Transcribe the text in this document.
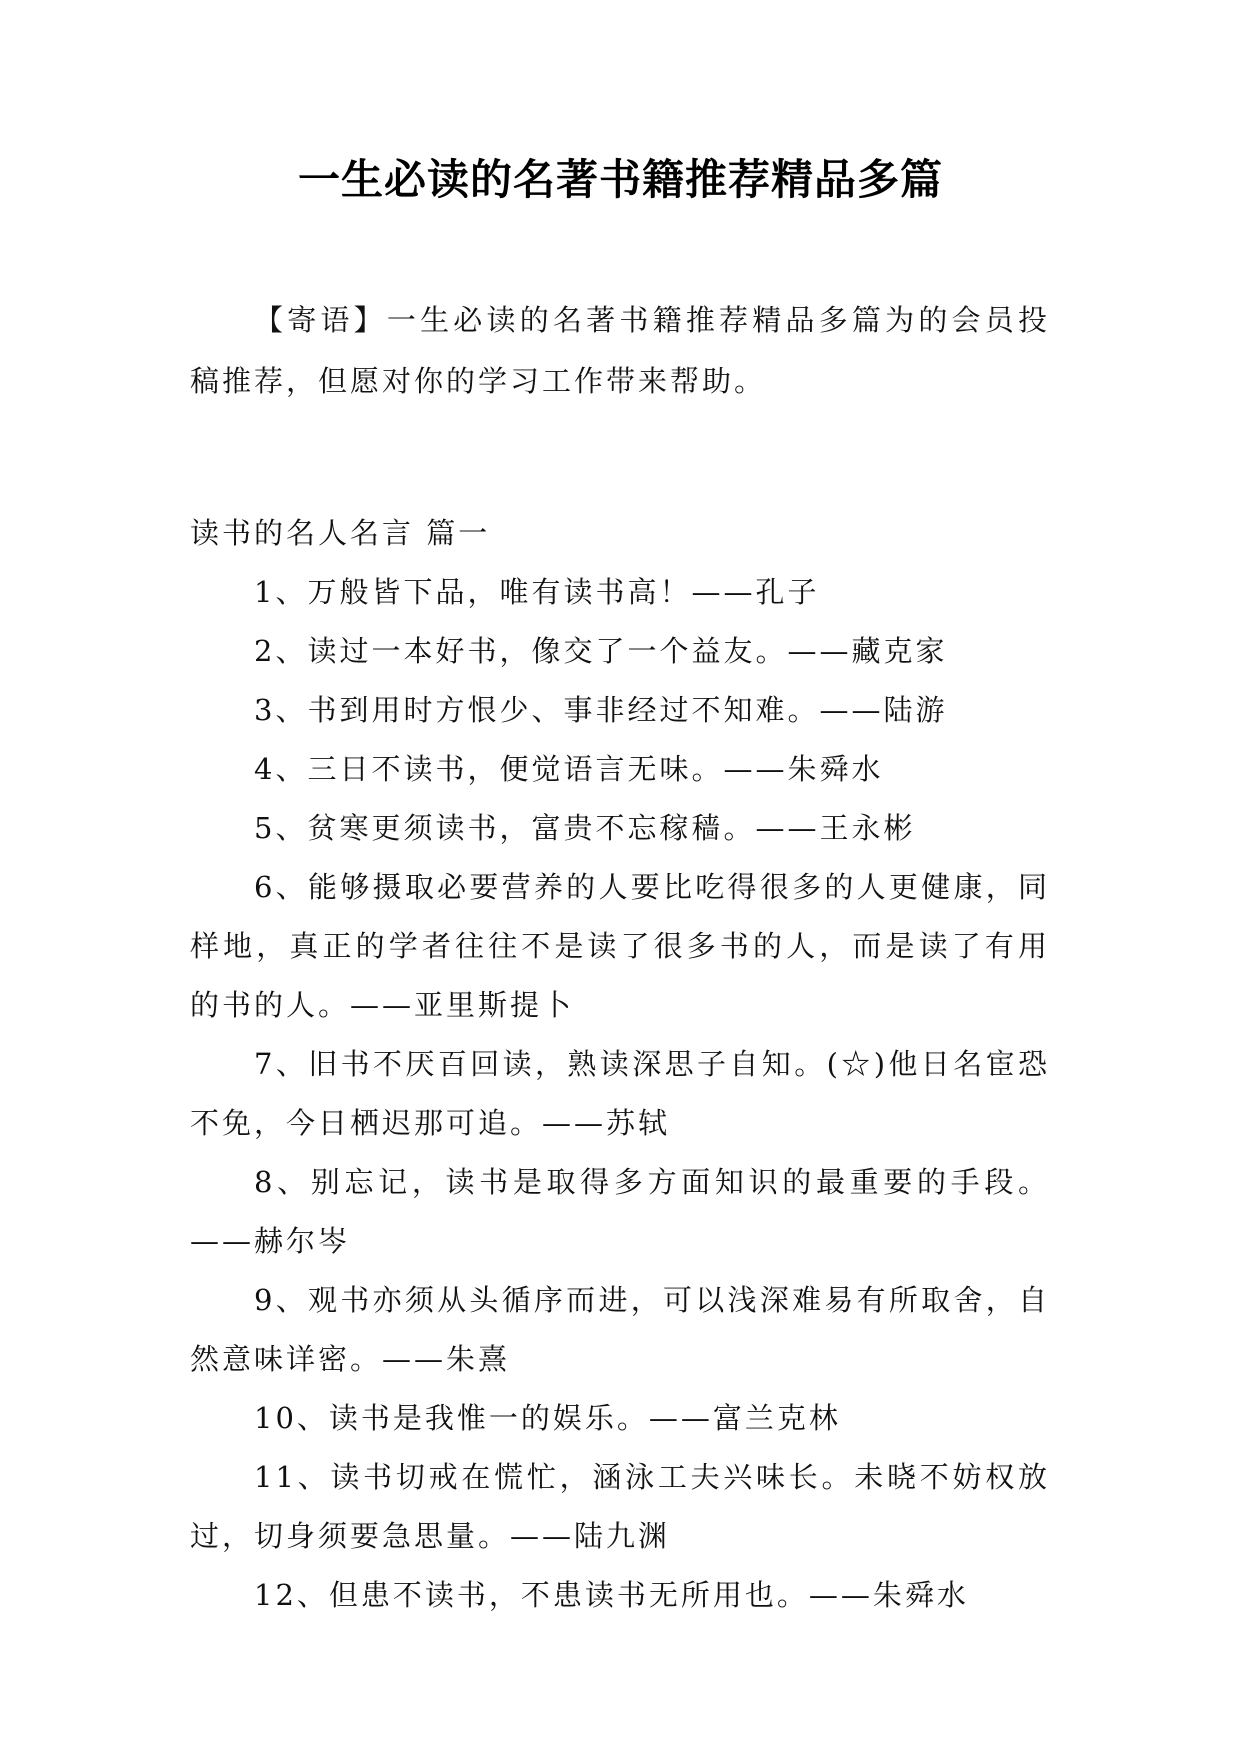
一生必读的名著书籍推荐精品多篇

【寄语】一生必读的名著书籍推荐精品多篇为的会员投稿推荐，但愿对你的学习工作带来帮助。

读书的名人名言 篇一

1、万般皆下品，唯有读书高！——孔子

2、读过一本好书，像交了一个益友。——藏克家

3、书到用时方恨少、事非经过不知难。——陆游

4、三日不读书，便觉语言无味。——朱舜水

5、贫寒更须读书，富贵不忘稼穑。——王永彬

6、能够摄取必要营养的人要比吃得很多的人更健康，同样地，真正的学者往往不是读了很多书的人，而是读了有用的书的人。——亚里斯提卜

7、旧书不厌百回读，熟读深思子自知。(☆)他日名宦恐不免，今日栖迟那可追。——苏轼

8、别忘记，读书是取得多方面知识的最重要的手段。——赫尔岑

9、观书亦须从头循序而进，可以浅深难易有所取舍，自然意味详密。——朱熹

10、读书是我惟一的娱乐。——富兰克林

11、读书切戒在慌忙，涵泳工夫兴味长。未晓不妨权放过，切身须要急思量。——陆九渊

12、但患不读书，不患读书无所用也。——朱舜水
